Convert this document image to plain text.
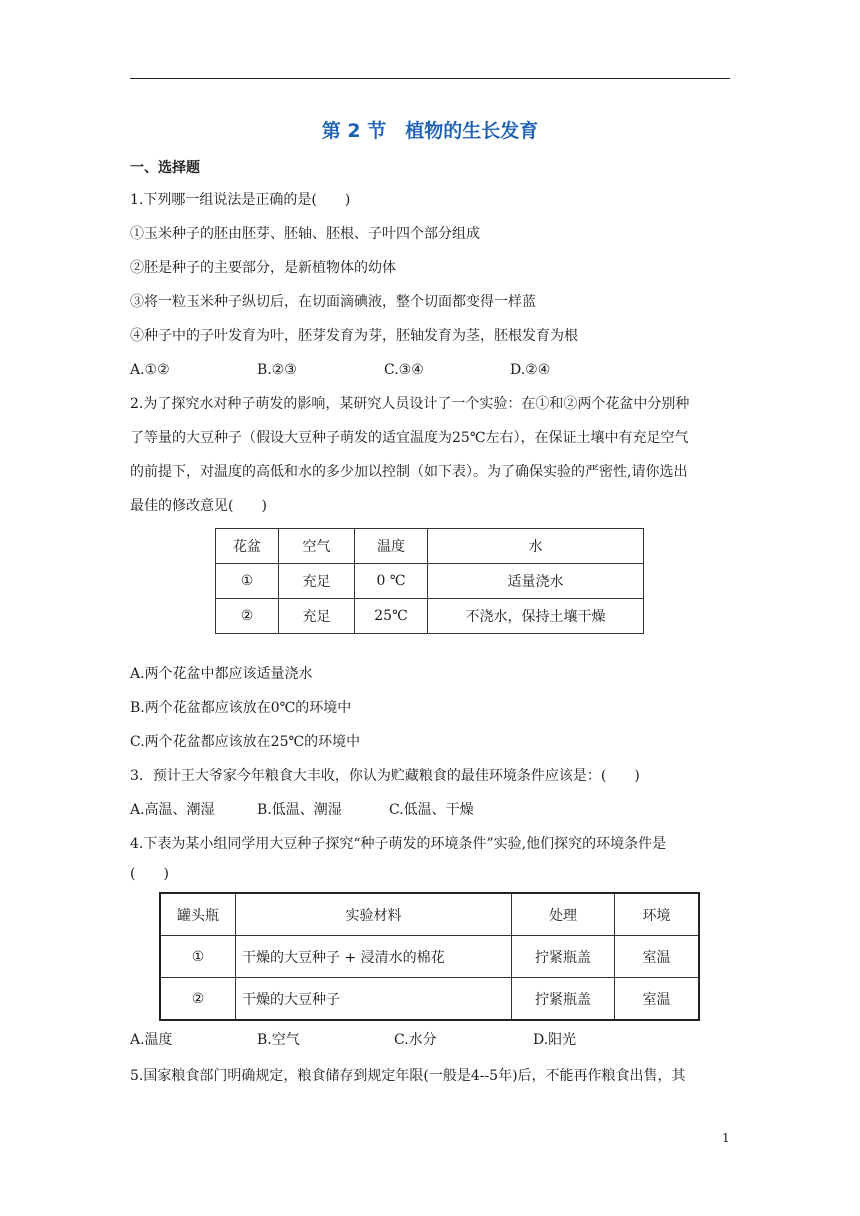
第 2 节　植物的生长发育
一、选择题
1.下列哪一组说法是正确的是(　　)
①玉米种子的胚由胚芽、胚轴、胚根、子叶四个部分组成
②胚是种子的主要部分，是新植物体的幼体
③将一粒玉米种子纵切后，在切面滴碘液，整个切面都变得一样蓝
④种子中的子叶发育为叶，胚芽发育为芽，胚轴发育为茎，胚根发育为根
A.①②	B.②③	C.③④	D.②④
2.为了探究水对种子萌发的影响，某研究人员设计了一个实验：在①和②两个花盆中分别种
了等量的大豆种子（假设大豆种子萌发的适宜温度为25℃左右），在保证土壤中有充足空气
的前提下，对温度的高低和水的多少加以控制（如下表）。为了确保实验的严密性,请你选出
最佳的修改意见(　　)
花盆	空气	温度	水
①	充足	0 ℃	适量浇水
②	充足	25℃	不浇水，保持土壤干燥
A.两个花盆中都应该适量浇水
B.两个花盆都应该放在0℃的环境中
C.两个花盆都应该放在25℃的环境中
3．预计王大爷家今年粮食大丰收，你认为贮藏粮食的最佳环境条件应该是：(　　)
A.高温、潮湿	B.低温、潮湿	C.低温、干燥
4.下表为某小组同学用大豆种子探究“种子萌发的环境条件”实验,他们探究的环境条件是
(　　)
罐头瓶	实验材料	处理	环境
①	干燥的大豆种子 + 浸清水的棉花	拧紧瓶盖	室温
②	干燥的大豆种子	拧紧瓶盖	室温
A.温度	B.空气	C.水分	D.阳光
5.国家粮食部门明确规定，粮食储存到规定年限(一般是4--5年)后，不能再作粮食出售，其
1
